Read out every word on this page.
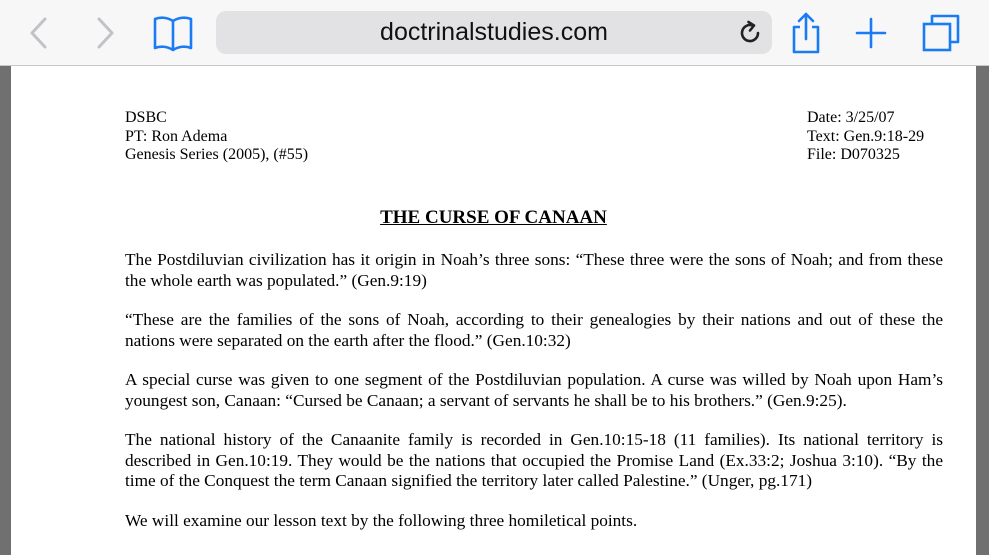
doctrinalstudies.com
DSBC
PT: Ron Adema
Genesis Series (2005), (#55)
Date: 3/25/07
Text: Gen.9:18-29
File: D070325
THE CURSE OF CANAAN
The Postdiluvian civilization has it origin in Noah’s three sons: “These three were the sons of Noah; and from these the whole earth was populated.” (Gen.9:19)
“These are the families of the sons of Noah, according to their genealogies by their nations and out of these the nations were separated on the earth after the flood.” (Gen.10:32)
A special curse was given to one segment of the Postdiluvian population. A curse was willed by Noah upon Ham’s youngest son, Canaan: “Cursed be Canaan; a servant of servants he shall be to his brothers.” (Gen.9:25).
The national history of the Canaanite family is recorded in Gen.10:15-18 (11 families). Its national territory is described in Gen.10:19. They would be the nations that occupied the Promise Land (Ex.33:2; Joshua 3:10). “By the time of the Conquest the term Canaan signified the territory later called Palestine.” (Unger, pg.171)
We will examine our lesson text by the following three homiletical points.
